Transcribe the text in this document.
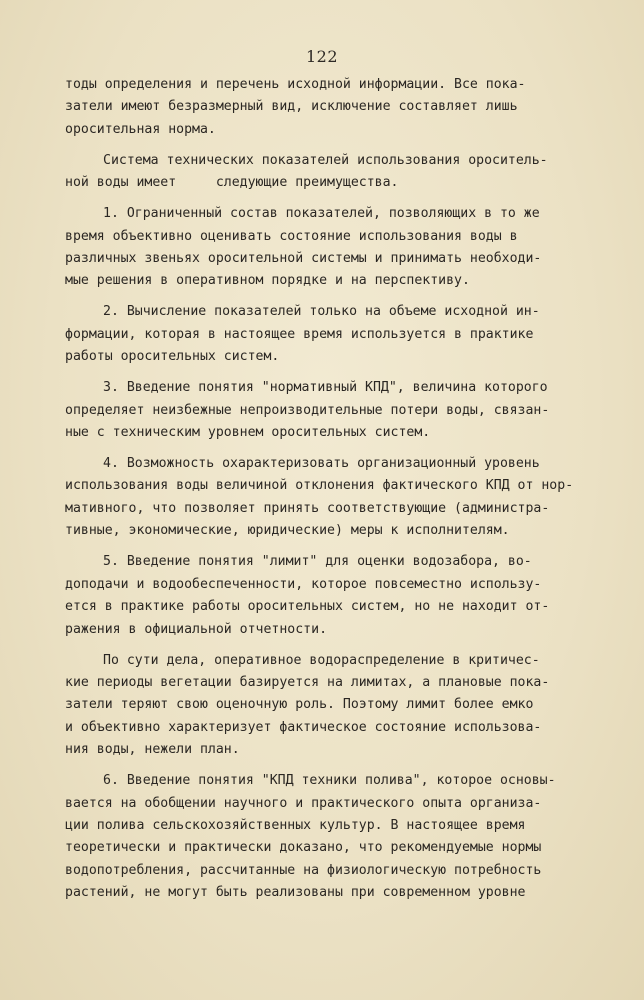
122
тоды определения и перечень исходной информации. Все пока-
затели имеют безразмерный вид, исключение составляет лишь
оросительная норма.
Система технических показателей использования ороситель-
ной воды имеет     следующие преимущества.
1. Ограниченный состав показателей, позволяющих в то же
время объективно оценивать состояние использования воды в
различных звеньях оросительной системы и принимать необходи-
мые решения в оперативном порядке и на перспективу.
2. Вычисление показателей только на объеме исходной ин-
формации, которая в настоящее время используется в практике
работы оросительных систем.
3. Введение понятия "нормативный КПД", величина которого
определяет неизбежные непроизводительные потери воды, связан-
ные с техническим уровнем оросительных систем.
4. Возможность охарактеризовать организационный уровень
использования воды величиной отклонения фактического КПД от нор-
мативного, что позволяет принять соответствующие (администра-
тивные, экономические, юридические) меры к исполнителям.
5. Введение понятия "лимит" для оценки водозабора, во-
доподачи и водообеспеченности, которое повсеместно использу-
ется в практике работы оросительных систем, но не находит от-
ражения в официальной отчетности.
По сути дела, оперативное водораспределение в критичес-
кие периоды вегетации базируется на лимитах, а плановые пока-
затели теряют свою оценочную роль. Поэтому лимит более емко
и объективно характеризует фактическое состояние использова-
ния воды, нежели план.
6. Введение понятия "КПД техники полива", которое основы-
вается на обобщении научного и практического опыта организа-
ции полива сельскохозяйственных культур. В настоящее время
теоретически и практически доказано, что рекомендуемые нормы
водопотребления, рассчитанные на физиологическую потребность
растений, не могут быть реализованы при современном уровне
